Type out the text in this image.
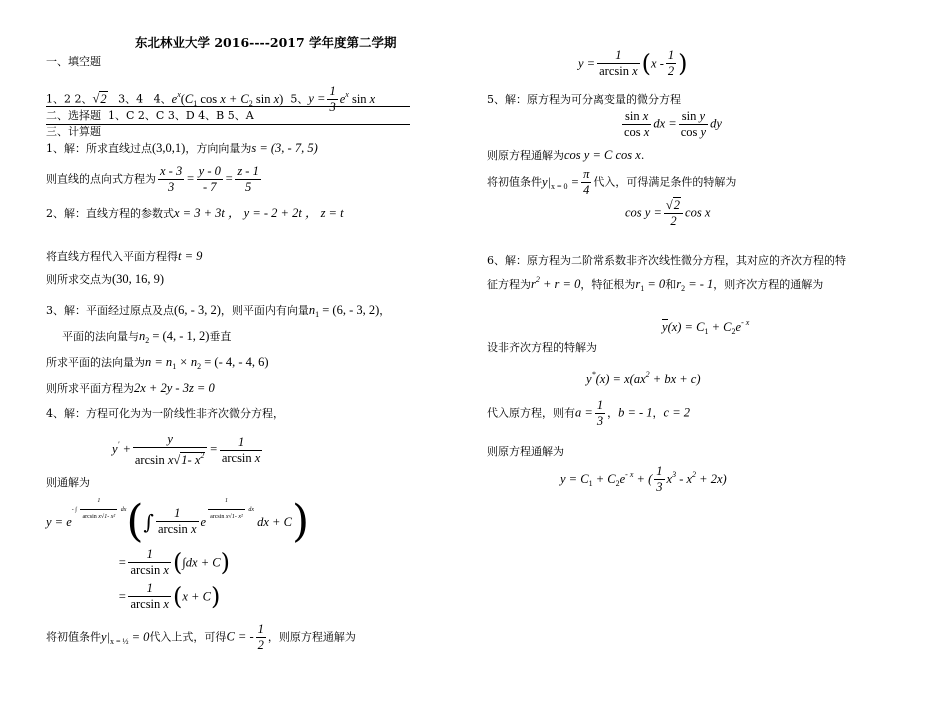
东北林业大学 2016----2017 学年度第二学期
一、填空题
1、2 2、√2 3、4 4、$e^x(C_1$ $\cos x + C_2$ sin x) 5、$y = \frac{1}{3} e^x$ sin x
二、选择题 1、C 2、C 3、D 4、B 5、A
三、计算题
1、解：所求直线过点(3,0,1)，方向向量为s = (3, - 7, 5)
则直线的点向式方程为 $\frac{x - 3}{3} = \frac{y - 0}{- 7} = \frac{z - 1}{5}$
2、解：直线方程的参数式x = 3 + 3t ， y = - 2 + 2t ， z = t
将直线方程代入平面方程得t = 9
则所求交点为(30, 16, 9)
3、解：平面经过原点及点(6, - 3, 2)，则平面内有向量$n_1 = (6$, - 3, 2)，
平面的法向量与$n_2 = (4$, - 1, 2)垂直
所求平面的法向量为$n = n_1 \times n_2$ = (- 4, - 4, 6)
则所求平面方程为2x + 2y - 3z = 0
4、解：方程可化为为一阶线性非齐次微分方程，
$y' + \frac{y}{\arcsin x√1- x^2} = \frac{1}{\text{arcsin x}}$
则通解为
$y = e^{- \int \frac{1}{\text{arcsin x√1- x²}} dx}(\int \frac{1}{\text{arcsin x}}$ e $^{\frac{1}{\text{arcsin x√1- x²}} dx}$ dx + C)
= $\frac{1}{\text{arcsin x}} (\int dx + C)$
= $\frac{1}{\text{arcsin x}} (x + C)$
将初值条件$y|_{x = \frac{1}{2}} = 0$代入上式，可得C = - $\frac{1}{2}$ ，则原方程通解为
$y = \frac{1}{\text{arcsin x}} (x - \frac{1}{2}$ )
5、解：原方程为可分离变量的微分方程
$\frac{\text{sin x}}{\text{cos x}}$ dx = $\frac{\text{sin y}}{\text{cos y}}$ dy
则原方程通解为cos y = C cos x.
将初值条件$y|_{x = 0} = \frac{\pi}{4}$ 代入，可得满足条件的特解为
$\cos y = \frac{√2}{2}$ cos x
6、解：原方程为二阶常系数非齐次线性微分方程，其对应的齐次方程的特
征方程为$r^2 + r = 0$，特征根为$r_1 = 0$和$r_2$ = - 1，则齐次方程的通解为
$y(x) = C_1 + C_2e^{- x}$
设非齐次方程的特解为
$y^*(x) = x(ax^2$ + bx + c)
代入原方程，则有$a = \frac{1}{3}$ ，b = - 1，c = 2
则原方程通解为
$y = C_1 + C_2e^{- x}$ + ( $\frac{1}{3} x^3 - x^2 + 2x$)
